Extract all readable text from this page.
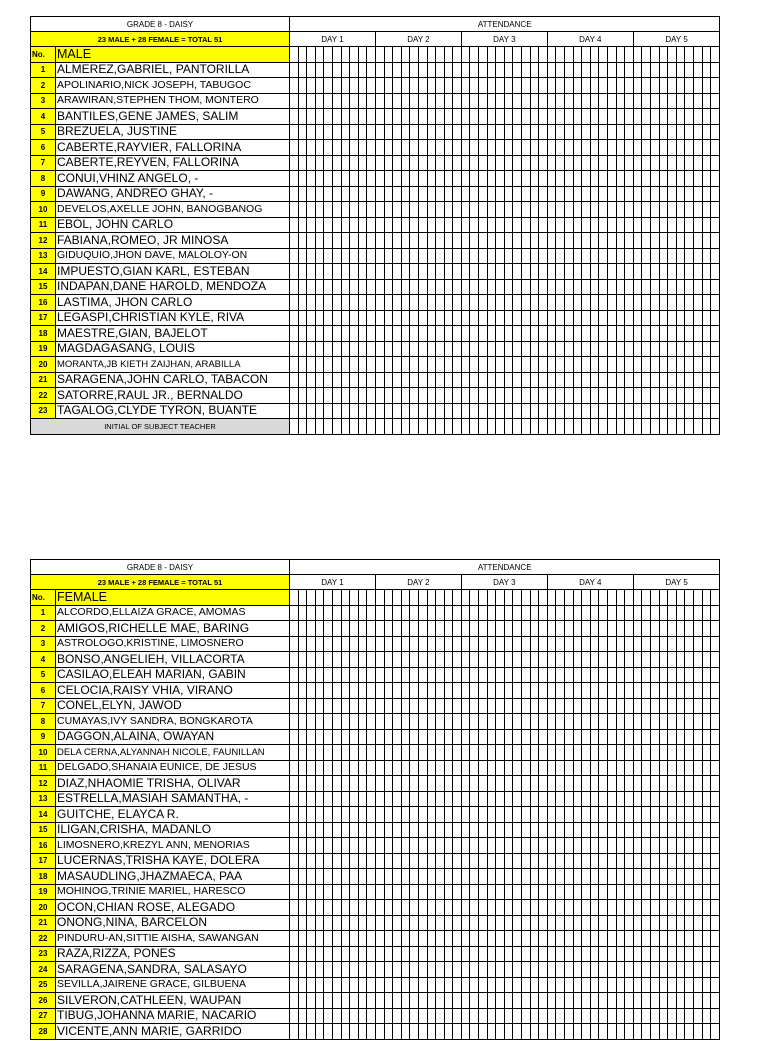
GRADE 8 - DAISY		ATTENDANCE																																																	
23 MALE + 28 FEMALE = TOTAL 51		DAY 1										DAY 2										DAY 3										DAY 4										DAY 5									
No.	MALE																																																		
1	ALMEREZ,GABRIEL, PANTORILLA																																																		
2	APOLINARIO,NICK JOSEPH, TABUGOC																																																		
3	ARAWIRAN,STEPHEN THOM, MONTERO																																																		
4	BANTILES,GENE JAMES, SALIM																																																		
5	BREZUELA, JUSTINE																																																		
6	CABERTE,RAYVIER, FALLORINA																																																		
7	CABERTE,REYVEN, FALLORINA																																																		
8	CONUI,VHINZ ANGELO, -																																																		
9	DAWANG, ANDREO GHAY, -																																																		
10	DEVELOS,AXELLE JOHN, BANOGBANOG																																																		
11	EBOL, JOHN CARLO																																																		
12	FABIANA,ROMEO, JR MINOSA																																																		
13	GIDUQUIO,JHON DAVE, MALOLOY-ON																																																		
14	IMPUESTO,GIAN KARL, ESTEBAN																																																		
15	INDAPAN,DANE HAROLD, MENDOZA																																																		
16	LASTIMA, JHON CARLO																																																		
17	LEGASPI,CHRISTIAN KYLE, RIVA																																																		
18	MAESTRE,GIAN, BAJELOT																																																		
19	MAGDAGASANG, LOUIS																																																		
20	MORANTA,JB KIETH ZAIJHAN, ARABILLA																																																		
21	SARAGENA,JOHN CARLO, TABACON																																																		
22	SATORRE,RAUL JR., BERNALDO																																																		
23	TAGALOG,CLYDE TYRON, BUANTE																																																		
INITIAL OF SUBJECT TEACHER																																																			
GRADE 8 - DAISY		ATTENDANCE																																																	
23 MALE + 28 FEMALE = TOTAL 51		DAY 1										DAY 2										DAY 3										DAY 4										DAY 5									
No.	FEMALE																																																		
1	ALCORDO,ELLAIZA GRACE, AMOMAS																																																		
2	AMIGOS,RICHELLE MAE, BARING																																																		
3	ASTROLOGO,KRISTINE, LIMOSNERO																																																		
4	BONSO,ANGELIEH, VILLACORTA																																																		
5	CASILAO,ELEAH MARIAN, GABIN																																																		
6	CELOCIA,RAISY VHIA, VIRANO																																																		
7	CONEL,ELYN, JAWOD																																																		
8	CUMAYAS,IVY SANDRA, BONGKAROTA																																																		
9	DAGGON,ALAINA, OWAYAN																																																		
10	DELA CERNA,ALYANNAH NICOLE, FAUNILLAN																																																		
11	DELGADO,SHANAIA EUNICE, DE JESUS																																																		
12	DIAZ,NHAOMIE TRISHA, OLIVAR																																																		
13	ESTRELLA,MASIAH SAMANTHA, -																																																		
14	GUITCHE, ELAYCA R.																																																		
15	ILIGAN,CRISHA, MADANLO																																																		
16	LIMOSNERO,KREZYL ANN, MENORIAS																																																		
17	LUCERNAS,TRISHA KAYE, DOLERA																																																		
18	MASAUDLING,JHAZMAECA, PAA																																																		
19	MOHINOG,TRINIE MARIEL, HARESCO																																																		
20	OCON,CHIAN ROSE, ALEGADO																																																		
21	ONONG,NINA, BARCELON																																																		
22	PINDURU-AN,SITTIE AISHA, SAWANGAN																																																		
23	RAZA,RIZZA, PONES																																																		
24	SARAGENA,SANDRA, SALASAYO																																																		
25	SEVILLA,JAIRENE GRACE, GILBUENA																																																		
26	SILVERON,CATHLEEN, WAUPAN																																																		
27	TIBUG,JOHANNA MARIE, NACARIO																																																		
28	VICENTE,ANN MARIE, GARRIDO																																																		
